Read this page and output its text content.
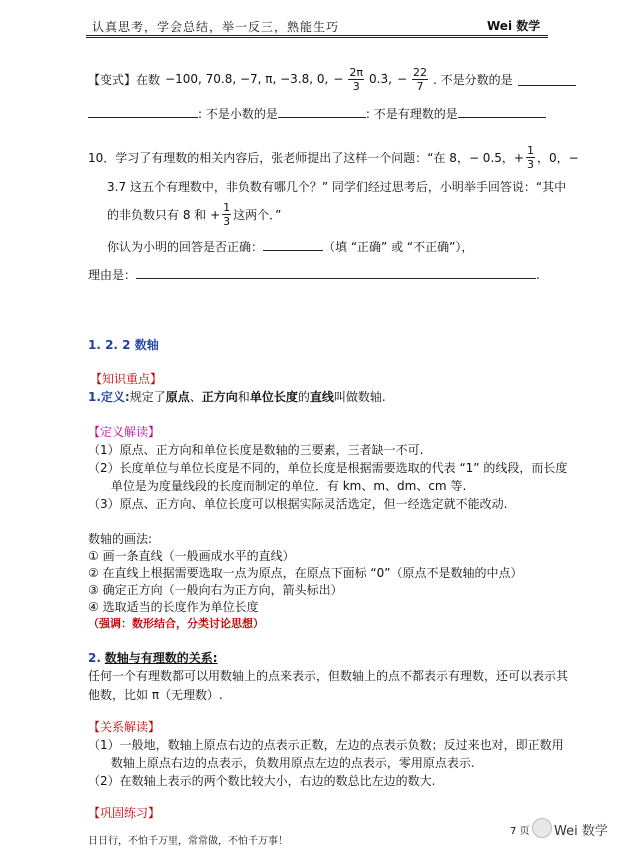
认真思考，学会总结，举一反三，熟能生巧	Wei 数学
【变式】在数 −100, 70.8, −7, π, −3.8, 0, − $\frac{2\pi}{3}$ 0.3̇, − $\frac{22}{7}$ . 不是分数的是
: 不是小数的是	: 不是有理数的是
10．学习了有理数的相关内容后，张老师提出了这样一个问题：“在 8，− 0.5，+ $\frac{1}{3}$ ，0，−
3.7 这五个有理数中，非负数有哪几个？” 同学们经过思考后，小明举手回答说：“其中
的非负数只有 8 和 + $\frac{1}{3}$ 这两个．”
你认为小明的回答是否正确：	（填 “正确” 或 “不正确”），
理由是：	.
1. 2. 2 数轴
【知识重点】
1.定义:规定了原点、正方向和单位长度的直线叫做数轴.
【定义解读】
（1）原点、正方向和单位长度是数轴的三要素，三者缺一不可.
（2）长度单位与单位长度是不同的，单位长度是根据需要选取的代表 “1” 的线段，而长度
单位是为度量线段的长度而制定的单位．有 km、m、dm、cm 等.
（3）原点、正方向、单位长度可以根据实际灵活选定，但一经选定就不能改动.
数轴的画法:
① 画一条直线（一般画成水平的直线）
② 在直线上根据需要选取一点为原点，在原点下面标 “0”（原点不是数轴的中点）
③ 确定正方向（一般向右为正方向，箭头标出）
④ 选取适当的长度作为单位长度
（强调：数形结合，分类讨论思想）
2. 数轴与有理数的关系:
任何一个有理数都可以用数轴上的点来表示，但数轴上的点不都表示有理数，还可以表示其
他数，比如 π（无理数）.
【关系解读】
（1）一般地，数轴上原点右边的点表示正数，左边的点表示负数；反过来也对，即正数用
数轴上原点右边的点表示，负数用原点左边的点表示，零用原点表示.
（2）在数轴上表示的两个数比较大小，右边的数总比左边的数大.
【巩固练习】
日日行，不怕千万里，常常做，不怕千万事！
7 页 Wei 数学
